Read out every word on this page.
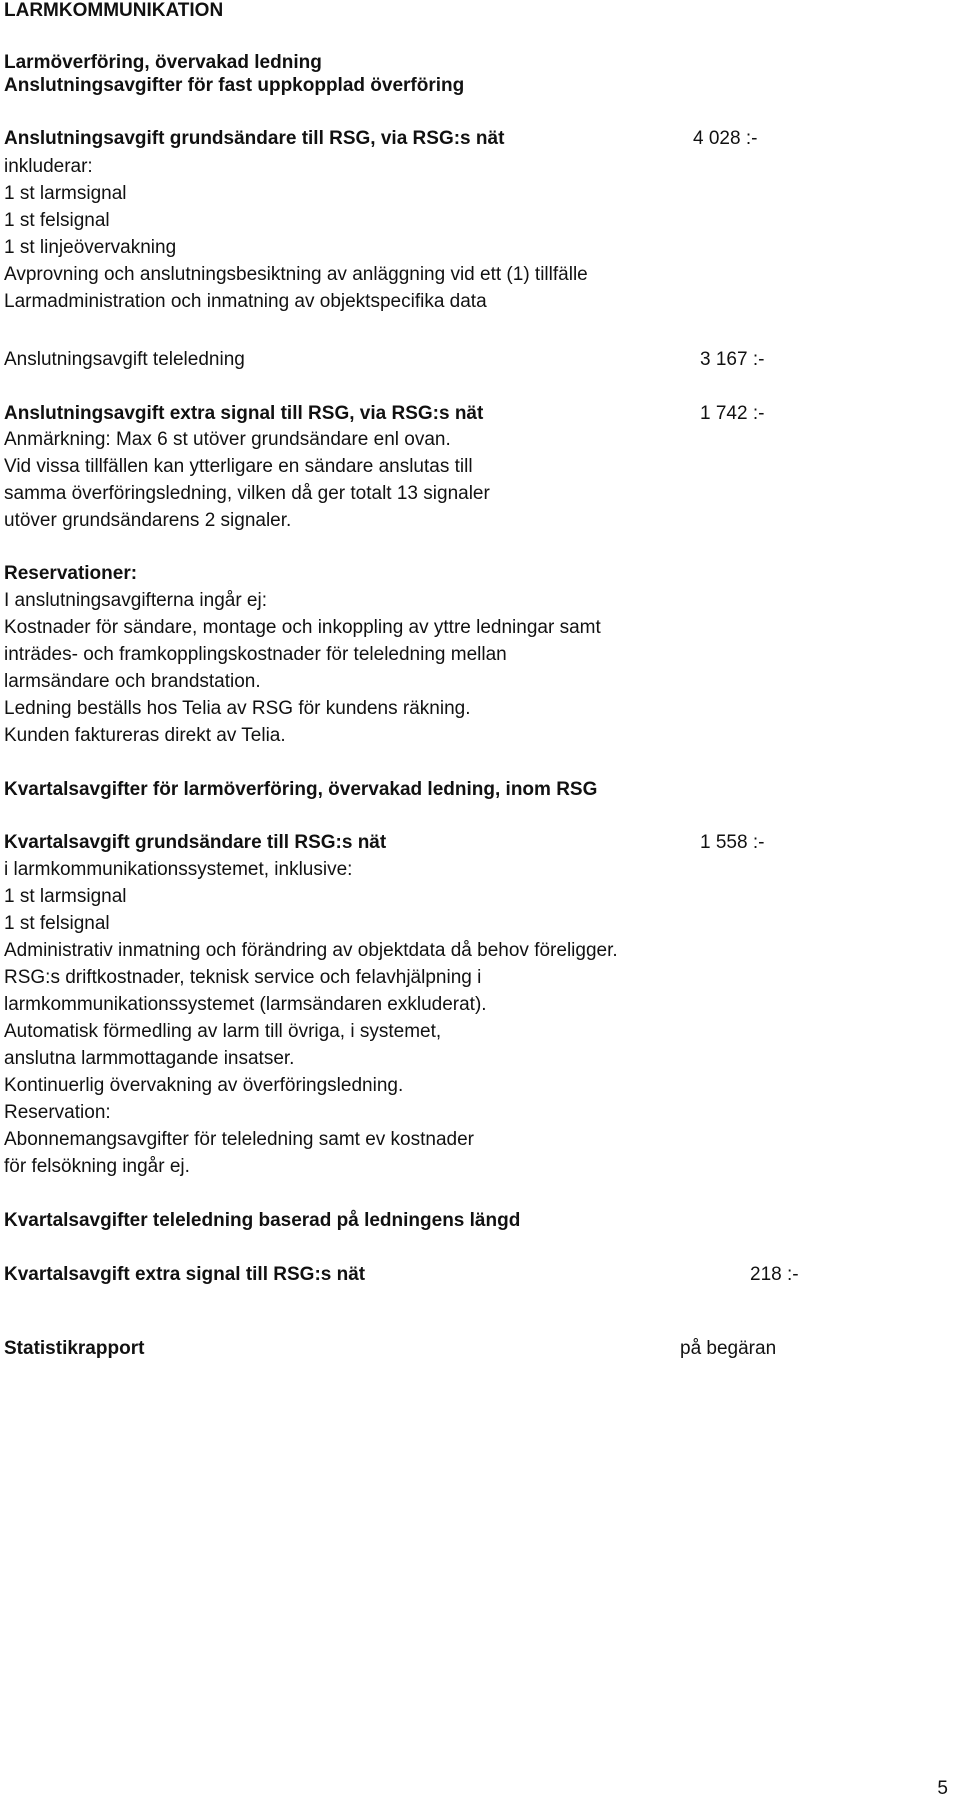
LARMKOMMUNIKATION
Larmöverföring, övervakad ledning
Anslutningsavgifter för fast uppkopplad överföring
Anslutningsavgift grundsändare till RSG, via RSG:s nät	4 028 :-
inkluderar:
1 st larmsignal
1 st felsignal
1 st linjeövervakning
Avprovning och anslutningsbesiktning av anläggning vid ett (1) tillfälle
Larmadministration och inmatning av objektspecifika data
Anslutningsavgift teleledning	3 167 :-
Anslutningsavgift extra signal till RSG, via RSG:s nät	1 742 :-
Anmärkning: Max 6 st utöver grundsändare enl ovan.
Vid vissa tillfällen kan ytterligare en sändare anslutas till
samma överföringsledning, vilken då ger totalt 13 signaler
utöver grundsändarens 2 signaler.
Reservationer:
I anslutningsavgifterna ingår ej:
Kostnader för sändare, montage och inkoppling av yttre ledningar samt
inträdes- och framkopplingskostnader för teleledning mellan
larmsändare och brandstation.
Ledning beställs hos Telia av RSG för kundens räkning.
Kunden faktureras direkt av Telia.
Kvartalsavgifter för larmöverföring, övervakad ledning, inom RSG
Kvartalsavgift grundsändare till RSG:s nät	1 558 :-
i larmkommunikationssystemet, inklusive:
1 st larmsignal
1 st felsignal
Administrativ inmatning och förändring av objektdata då behov föreligger.
RSG:s driftkostnader, teknisk service och felavhjälpning i
larmkommunikationssystemet (larmsändaren exkluderat).
Automatisk förmedling av larm till övriga, i systemet,
anslutna larmmottagande insatser.
Kontinuerlig övervakning av överföringsledning.
Reservation:
Abonnemangsavgifter för teleledning samt ev kostnader
för felsökning ingår ej.
Kvartalsavgifter teleledning baserad på ledningens längd
Kvartalsavgift extra signal till RSG:s nät	218 :-
Statistikrapport	på begäran
5
